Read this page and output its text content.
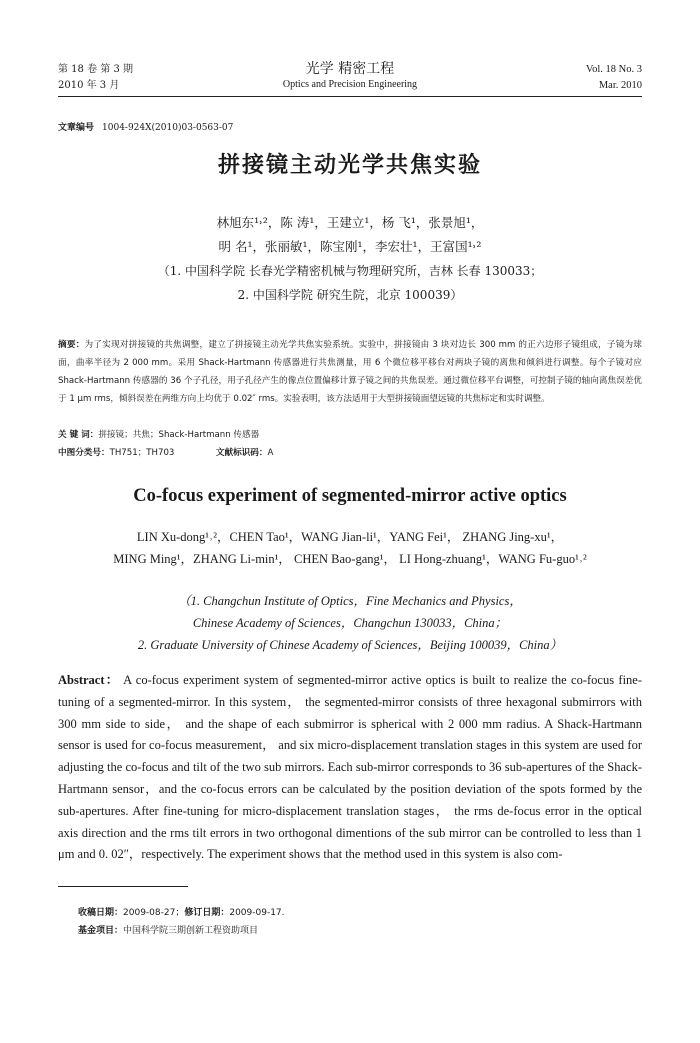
第 18 卷 第 3 期
2010 年 3 月
光学 精密工程
Optics and Precision Engineering
Vol. 18 No. 3
Mar. 2010
文章编号 1004-924X(2010)03-0563-07
拼接镜主动光学共焦实验
林旭东¹˒²，陈 涛¹，王建立¹，杨 飞¹，张景旭¹，
明 名¹，张丽敏¹，陈宝刚¹，李宏壮¹，王富国¹˒²
（1. 中国科学院 长春光学精密机械与物理研究所，吉林 长春 130033；
2. 中国科学院 研究生院，北京 100039）
摘要：为了实现对拼接镜的共焦调整，建立了拼接镜主动光学共焦实验系统。实验中，拼接镜由 3 块对边长 300 mm 的正六边形子镜组成，子镜为球面，曲率半径为 2 000 mm。采用 Shack-Hartmann 传感器进行共焦测量，用 6 个微位移平移台对两块子镜的离焦和倾斜进行调整。每个子镜对应 Shack-Hartmann 传感器的 36 个子孔径，用子孔径产生的像点位置偏移计算子镜之间的共焦误差。通过微位移平台调整，可控制子镜的轴向离焦误差优于 1 μm rms，倾斜误差在两维方向上均优于 0.02″ rms。实验表明，该方法适用于大型拼接镜面望远镜的共焦标定和实时调整。
关 键 词：拼接镜；共焦；Shack-Hartmann 传感器
中图分类号：TH751；TH703	文献标识码：A
Co-focus experiment of segmented-mirror active optics
LIN Xu-dong¹˒²，CHEN Tao¹，WANG Jian-li¹，YANG Fei¹， ZHANG Jing-xu¹，
MING Ming¹，ZHANG Li-min¹， CHEN Bao-gang¹， LI Hong-zhuang¹，WANG Fu-guo¹˒²
（1. Changchun Institute of Optics，Fine Mechanics and Physics，
Chinese Academy of Sciences，Changchun 130033，China；
2. Graduate University of Chinese Academy of Sciences，Beijing 100039，China）
Abstract： A co-focus experiment system of segmented-mirror active optics is built to realize the co-focus fine-tuning of a segmented-mirror. In this system， the segmented-mirror consists of three hexagonal submirrors with 300 mm side to side， and the shape of each submirror is spherical with 2 000 mm radius. A Shack-Hartmann sensor is used for co-focus measurement， and six micro-displacement translation stages in this system are used for adjusting the co-focus and tilt of the two sub mirrors. Each sub-mirror corresponds to 36 sub-apertures of the Shack-Hartmann sensor，and the co-focus errors can be calculated by the position deviation of the spots formed by the sub-apertures. After fine-tuning for micro-displacement translation stages， the rms de-focus error in the optical axis direction and the rms tilt errors in two orthogonal dimentions of the sub mirror can be controlled to less than 1 μm and 0. 02″，respectively. The experiment shows that the method used in this system is also com-
收稿日期：2009-08-27；修订日期：2009-09-17.
基金项目：中国科学院三期创新工程资助项目
